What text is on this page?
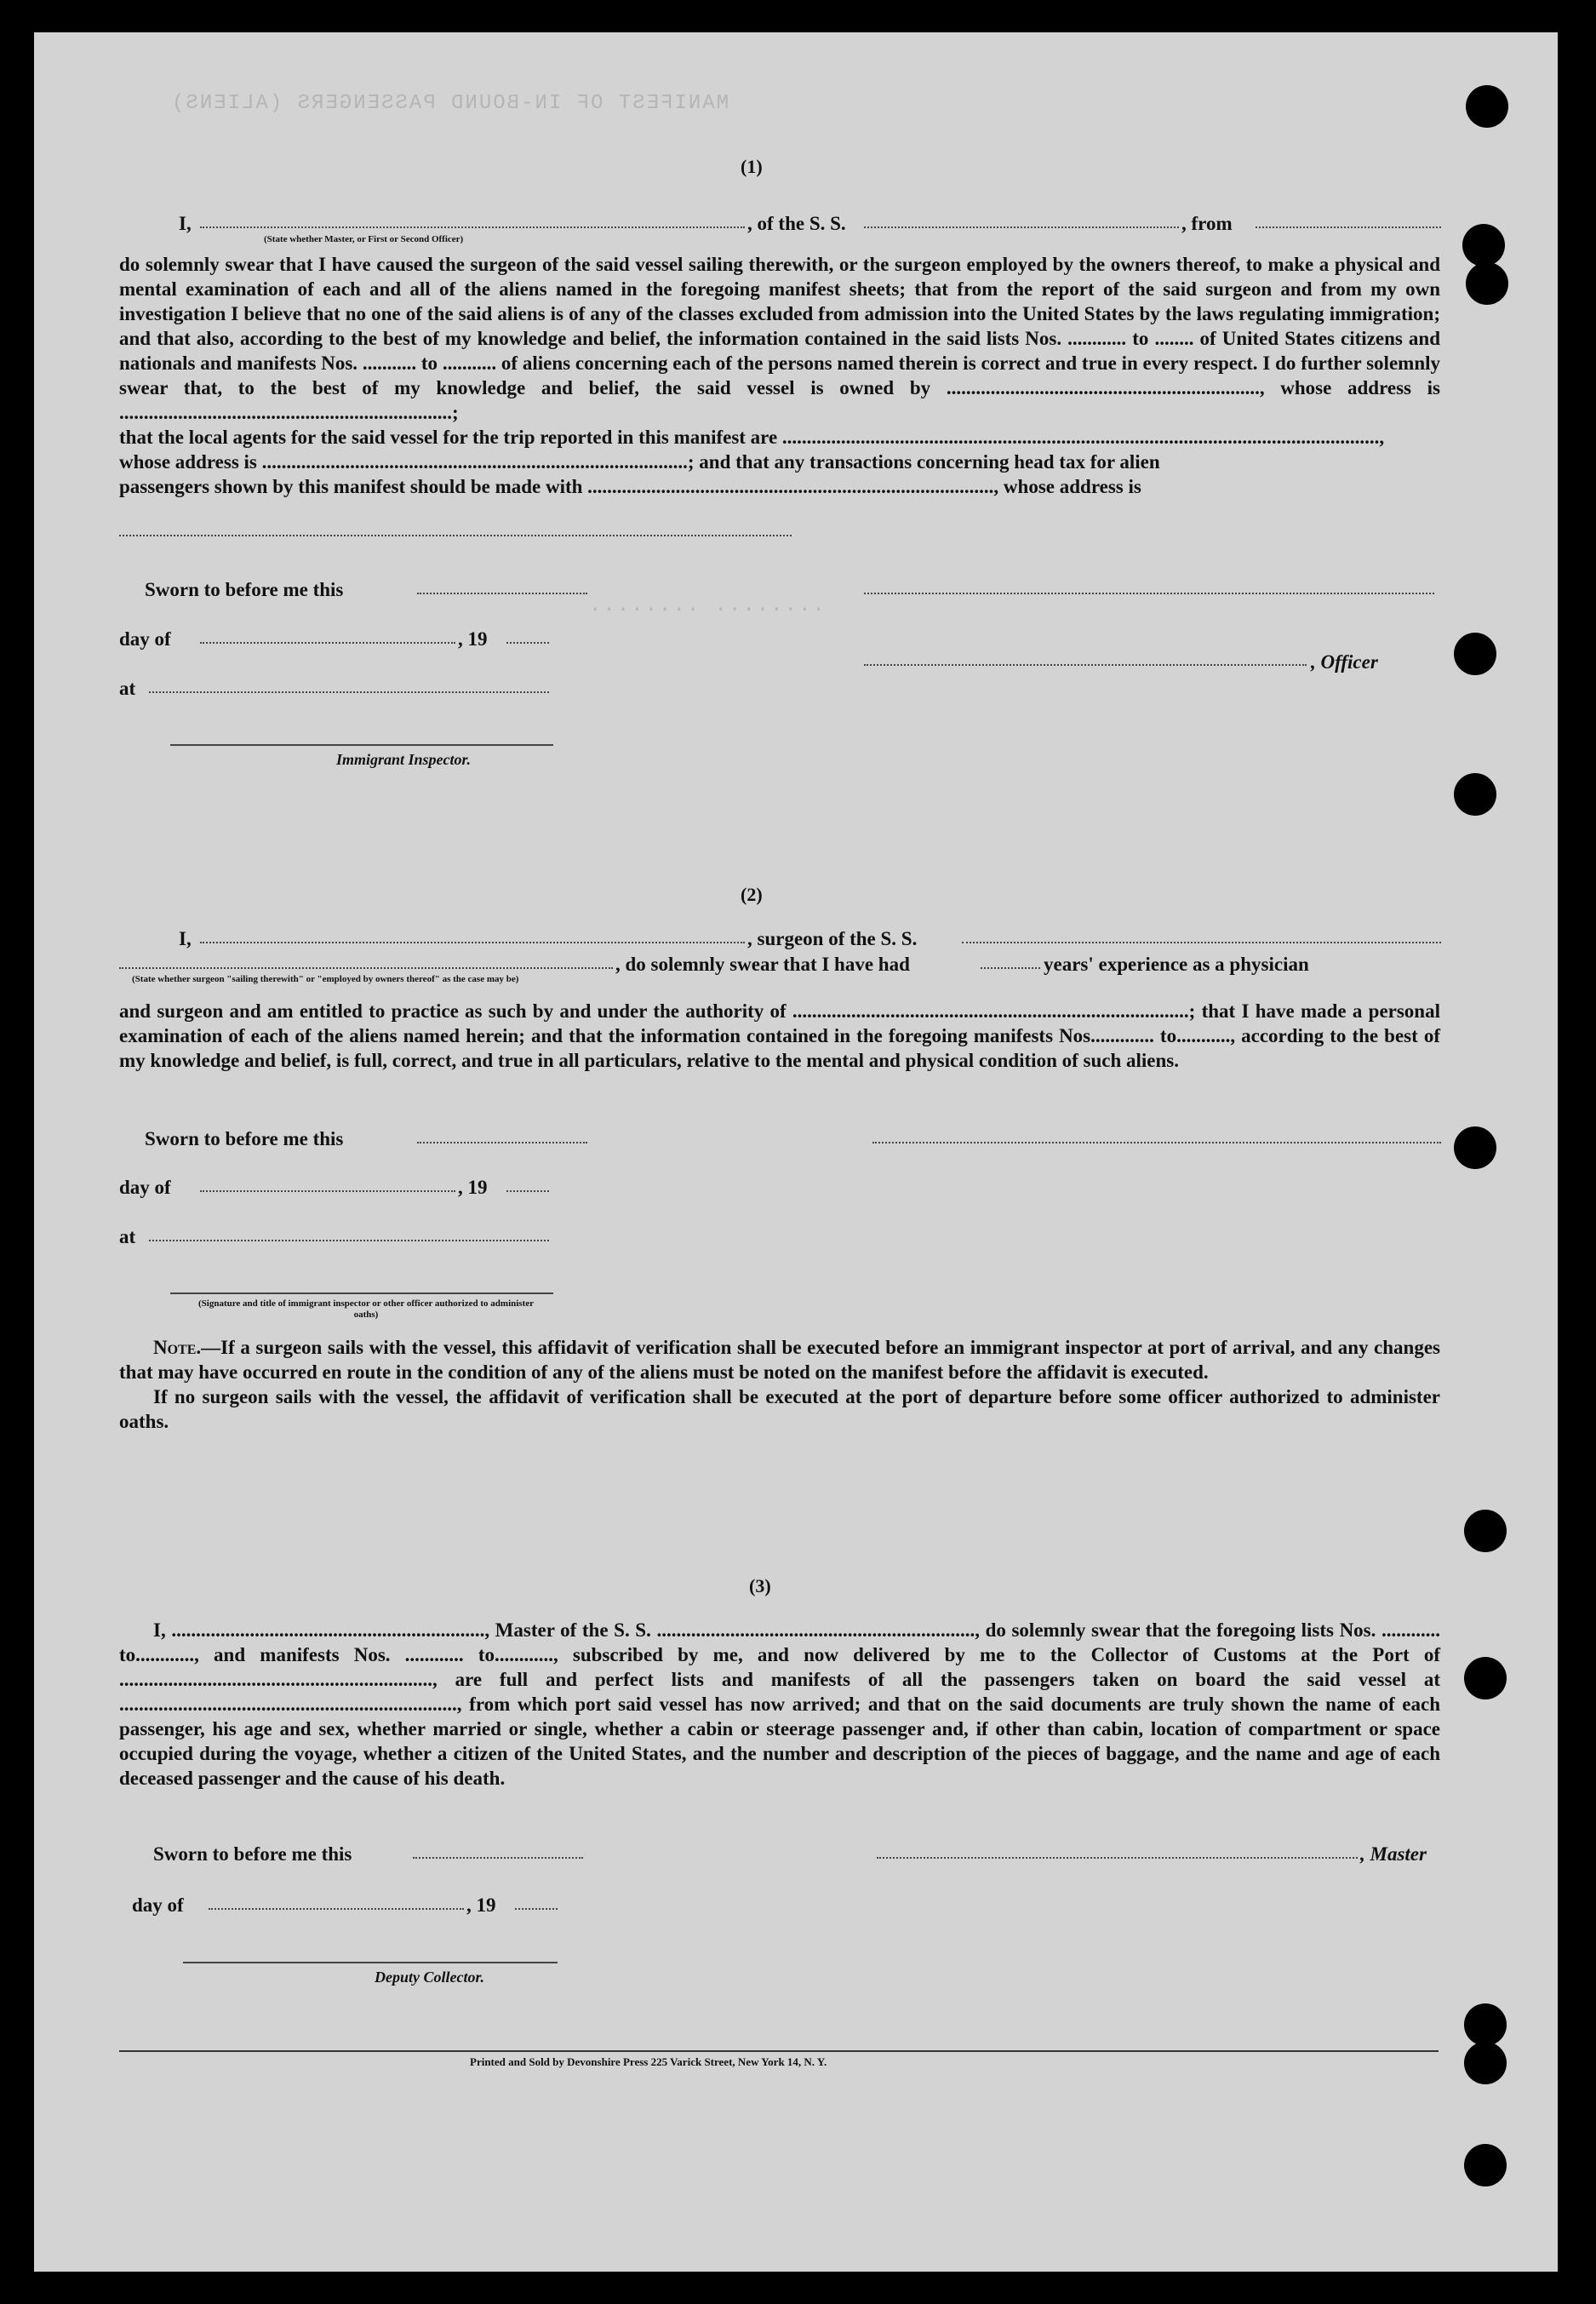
MANIFEST OF IN-BOUND PASSENGERS (ALIENS)
........ ........
(1)
I,	, of the S. S.	, from
(State whether Master, or First or Second Officer)

do solemnly swear that I have caused the surgeon of the said vessel sailing therewith, or the surgeon employed by the owners thereof, to make a physical and mental examination of each and all of the aliens named in the foregoing manifest sheets; that from the report of the said surgeon and from my own investigation I believe that no one of the said aliens is of any of the classes excluded from admission into the United States by the laws regulating immigration; and that also, according to the best of my knowledge and belief, the information contained in the said lists Nos. ............ to ........ of United States citizens and nationals and manifests Nos. ........... to ........... of aliens concerning each of the persons named therein is correct and true in every respect. I do further solemnly swear that, to the best of my knowledge and belief, the said vessel is owned by ................................................................, whose address is ....................................................................;

that the local agents for the said vessel for the trip reported in this manifest are ..........................................................................................................................,

whose address is .......................................................................................; and that any transactions concerning head tax for alien

passengers shown by this manifest should be made with ..................................................................................., whose address is

Sworn to before me this
day of	, 19
, Officer
at
Immigrant Inspector.
(2)
I,	, surgeon of the S. S.
, do solemnly swear that I have had	years' experience as a physician
(State whether surgeon "sailing therewith" or "employed by owners thereof" as the case may be)
and surgeon and am entitled to practice as such by and under the authority of .................................................................................; that I have made a personal examination of each of the aliens named herein; and that the information contained in the foregoing manifests Nos............. to..........., according to the best of my knowledge and belief, is full, correct, and true in all particulars, relative to the mental and physical condition of such aliens.
Sworn to before me this
day of	, 19
at
(Signature and title of immigrant inspector or other officer authorized to administer oaths)

Note.—If a surgeon sails with the vessel, this affidavit of verification shall be executed before an immigrant inspector at port of arrival, and any changes that may have occurred en route in the condition of any of the aliens must be noted on the manifest before the affidavit is executed.

If no surgeon sails with the vessel, the affidavit of verification shall be executed at the port of departure before some officer authorized to administer oaths.

(3)

I, ................................................................, Master of the S. S. ................................................................., do solemnly swear that the foregoing lists Nos. ............ to............, and manifests Nos. ............ to............, subscribed by me, and now delivered by me to the Collector of Customs at the Port of ................................................................, are full and perfect lists and manifests of all the passengers taken on board the said vessel at ....................................................................., from which port said vessel has now arrived; and that on the said documents are truly shown the name of each passenger, his age and sex, whether married or single, whether a cabin or steerage passenger and, if other than cabin, location of compartment or space occupied during the voyage, whether a citizen of the United States, and the number and description of the pieces of baggage, and the name and age of each deceased passenger and the cause of his death.

Sworn to before me this	, Master
day of	, 19
Deputy Collector.
Printed and Sold by Devonshire Press 225 Varick Street, New York 14, N. Y.
